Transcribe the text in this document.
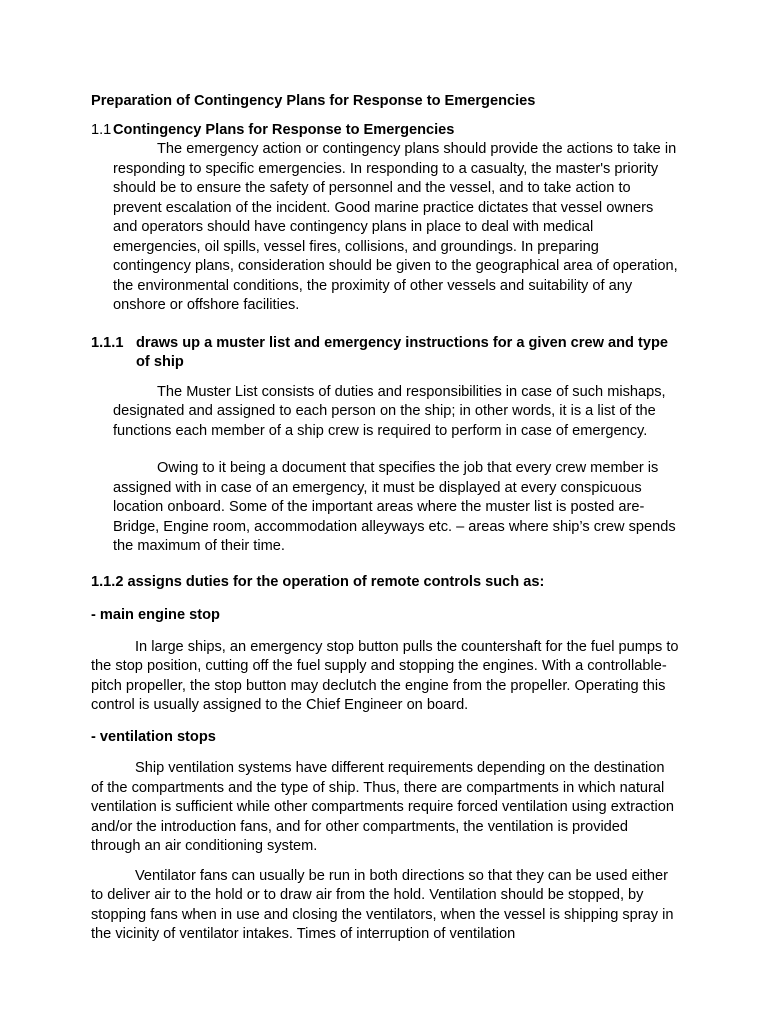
Preparation of Contingency Plans for Response to Emergencies
1.1 Contingency Plans for Response to Emergencies

The emergency action or contingency plans should provide the actions to take in responding to specific emergencies. In responding to a casualty, the master's priority should be to ensure the safety of personnel and the vessel, and to take action to prevent escalation of the incident. Good marine practice dictates that vessel owners and operators should have contingency plans in place to deal with medical emergencies, oil spills, vessel fires, collisions, and groundings. In preparing contingency plans, consideration should be given to the geographical area of operation, the environmental conditions, the proximity of other vessels and suitability of any onshore or offshore facilities.

1.1.1 draws up a muster list and emergency instructions for a given crew and type of ship

The Muster List consists of duties and responsibilities in case of such mishaps, designated and assigned to each person on the ship; in other words, it is a list of the functions each member of a ship crew is required to perform in case of emergency.

Owing to it being a document that specifies the job that every crew member is assigned with in case of an emergency, it must be displayed at every conspicuous location onboard. Some of the important areas where the muster list is posted are- Bridge, Engine room, accommodation alleyways etc. – areas where ship’s crew spends the maximum of their time.

1.1.2 assigns duties for the operation of remote controls such as:
- main engine stop

In large ships, an emergency stop button pulls the countershaft for the fuel pumps to the stop position, cutting off the fuel supply and stopping the engines. With a controllable-pitch propeller, the stop button may declutch the engine from the propeller. Operating this control is usually assigned to the Chief Engineer on board.

- ventilation stops

Ship ventilation systems have different requirements depending on the destination of the compartments and the type of ship. Thus, there are compartments in which natural ventilation is sufficient while other compartments require forced ventilation using extraction and/or the introduction fans, and for other compartments, the ventilation is provided through an air conditioning system.

Ventilator fans can usually be run in both directions so that they can be used either to deliver air to the hold or to draw air from the hold. Ventilation should be stopped, by stopping fans when in use and closing the ventilators, when the vessel is shipping spray in the vicinity of ventilator intakes. Times of interruption of ventilation
